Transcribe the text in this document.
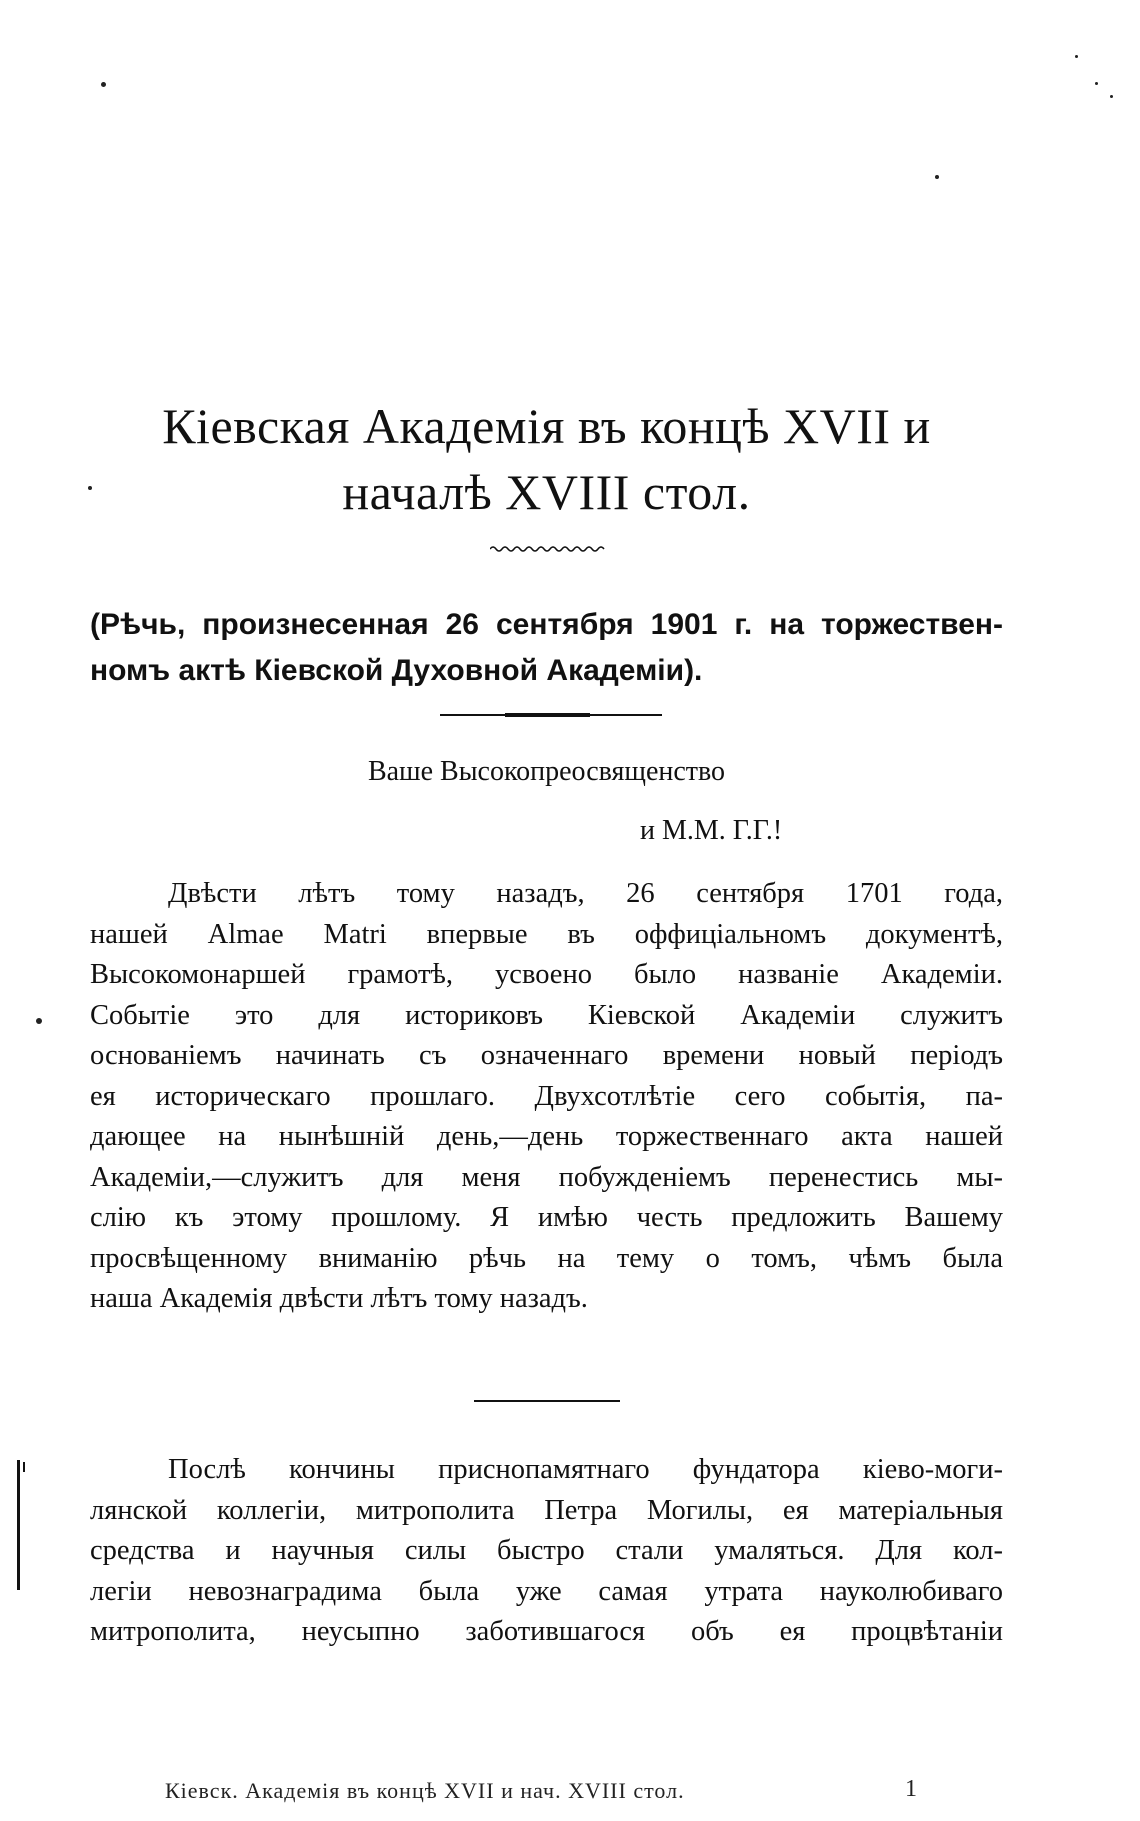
Кіевская Академія въ концѣ XVII и
началѣ XVIII стол.
(Рѣчь, произнесенная 26 сентября 1901 г. на торжествен-
номъ актѣ Кіевской Духовной Академіи).
Ваше Высокопреосвященство
и М.М. Г.Г.!
Двѣсти лѣтъ тому назадъ, 26 сентября 1701 года,
нашей Almae Matri впервые въ оффиціальномъ документѣ,
Высокомонаршей грамотѣ, усвоено было названіе Академіи.
Событіе это для историковъ Кіевской Академіи служитъ
основаніемъ начинать съ означеннаго времени новый періодъ
ея историческаго прошлаго. Двухсотлѣтіе сего событія, па-
дающее на нынѣшній день,—день торжественнаго акта нашей
Академіи,—служитъ для меня побужденіемъ перенестись мы-
слію къ этому прошлому. Я имѣю честь предложить Вашему
просвѣщенному вниманію рѣчь на тему о томъ, чѣмъ была
наша Академія двѣсти лѣтъ тому назадъ.
Послѣ кончины приснопамятнаго фундатора кіево-моги-
лянской коллегіи, митрополита Петра Могилы, ея матеріальныя
средства и научныя силы быстро стали умаляться. Для кол-
легіи невознаградима была уже самая утрата науколюбиваго
митрополита, неусыпно заботившагося объ ея процвѣтаніи
Кіевск. Академія въ концѣ XVII и нач. XVIII стол.	1
